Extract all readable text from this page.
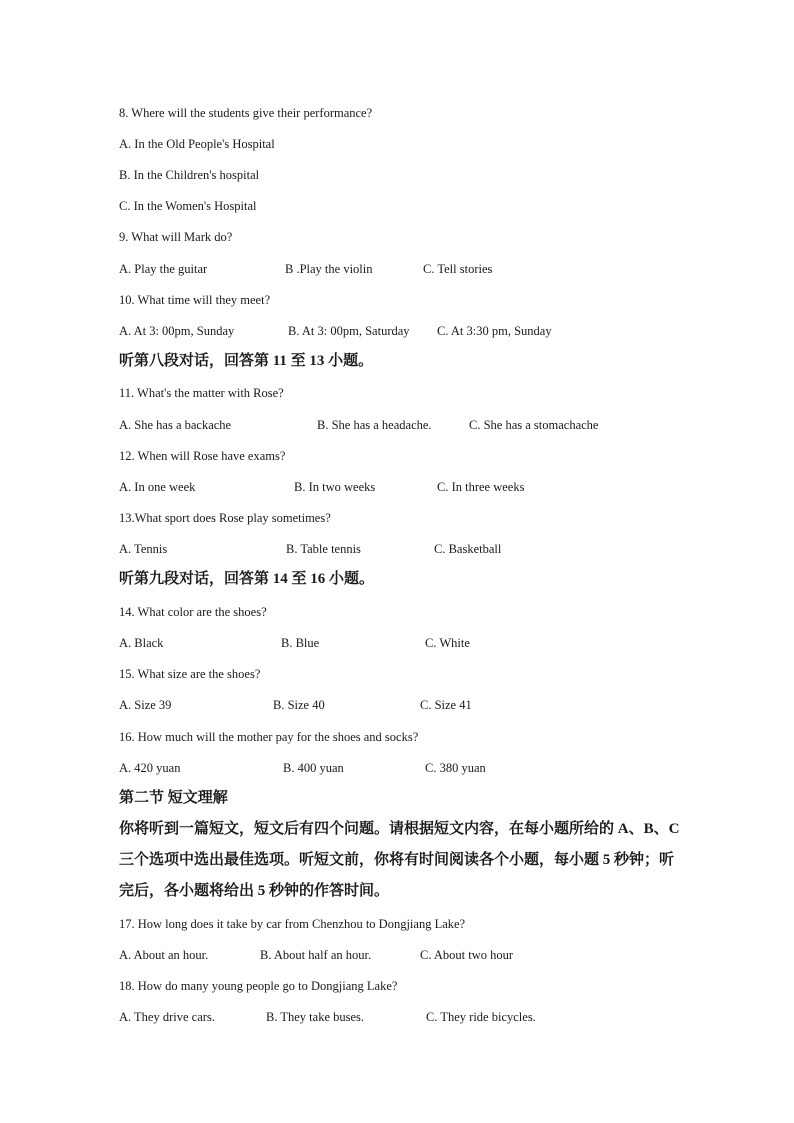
8. Where will the students give their performance?
A. In the Old People's Hospital
B. In the Children's hospital
C. In the Women's Hospital
9. What will Mark do?
A. Play the guitar	B .Play the violin	C. Tell stories
10. What time will they meet?
A. At 3: 00pm, Sunday	B. At 3: 00pm, Saturday C. At 3:30 pm, Sunday
听第八段对话，回答第 11 至 13 小题。
11. What's the matter with Rose?
A. She has a backache	B. She has a headache.	C. She has a stomachache
12. When will Rose have exams?
A. In one week	B. In two weeks	C. In three weeks
13.What sport does Rose play sometimes?
A. Tennis	B. Table tennis	C. Basketball
听第九段对话，回答第 14 至 16 小题。
14. What color are the shoes?
A. Black	B. Blue	C. White
15. What size are the shoes?
A. Size 39	B. Size 40	C. Size 41
16. How much will the mother pay for the shoes and socks?
A. 420 yuan	B. 400 yuan	C. 380 yuan
第二节 短文理解
你将听到一篇短文，短文后有四个问题。请根据短文内容，在每小题所给的 A、B、C 三个选项中选出最佳选项。听短文前，你将有时间阅读各个小题，每小题 5 秒钟；听完后，各小题将给出 5 秒钟的作答时间。
17. How long does it take by car from Chenzhou to Dongjiang Lake?
A. About an hour.	B. About half an hour.	C. About two hour
18. How do many young people go to Dongjiang Lake?
A. They drive cars.	B. They take buses.	C. They ride bicycles.
